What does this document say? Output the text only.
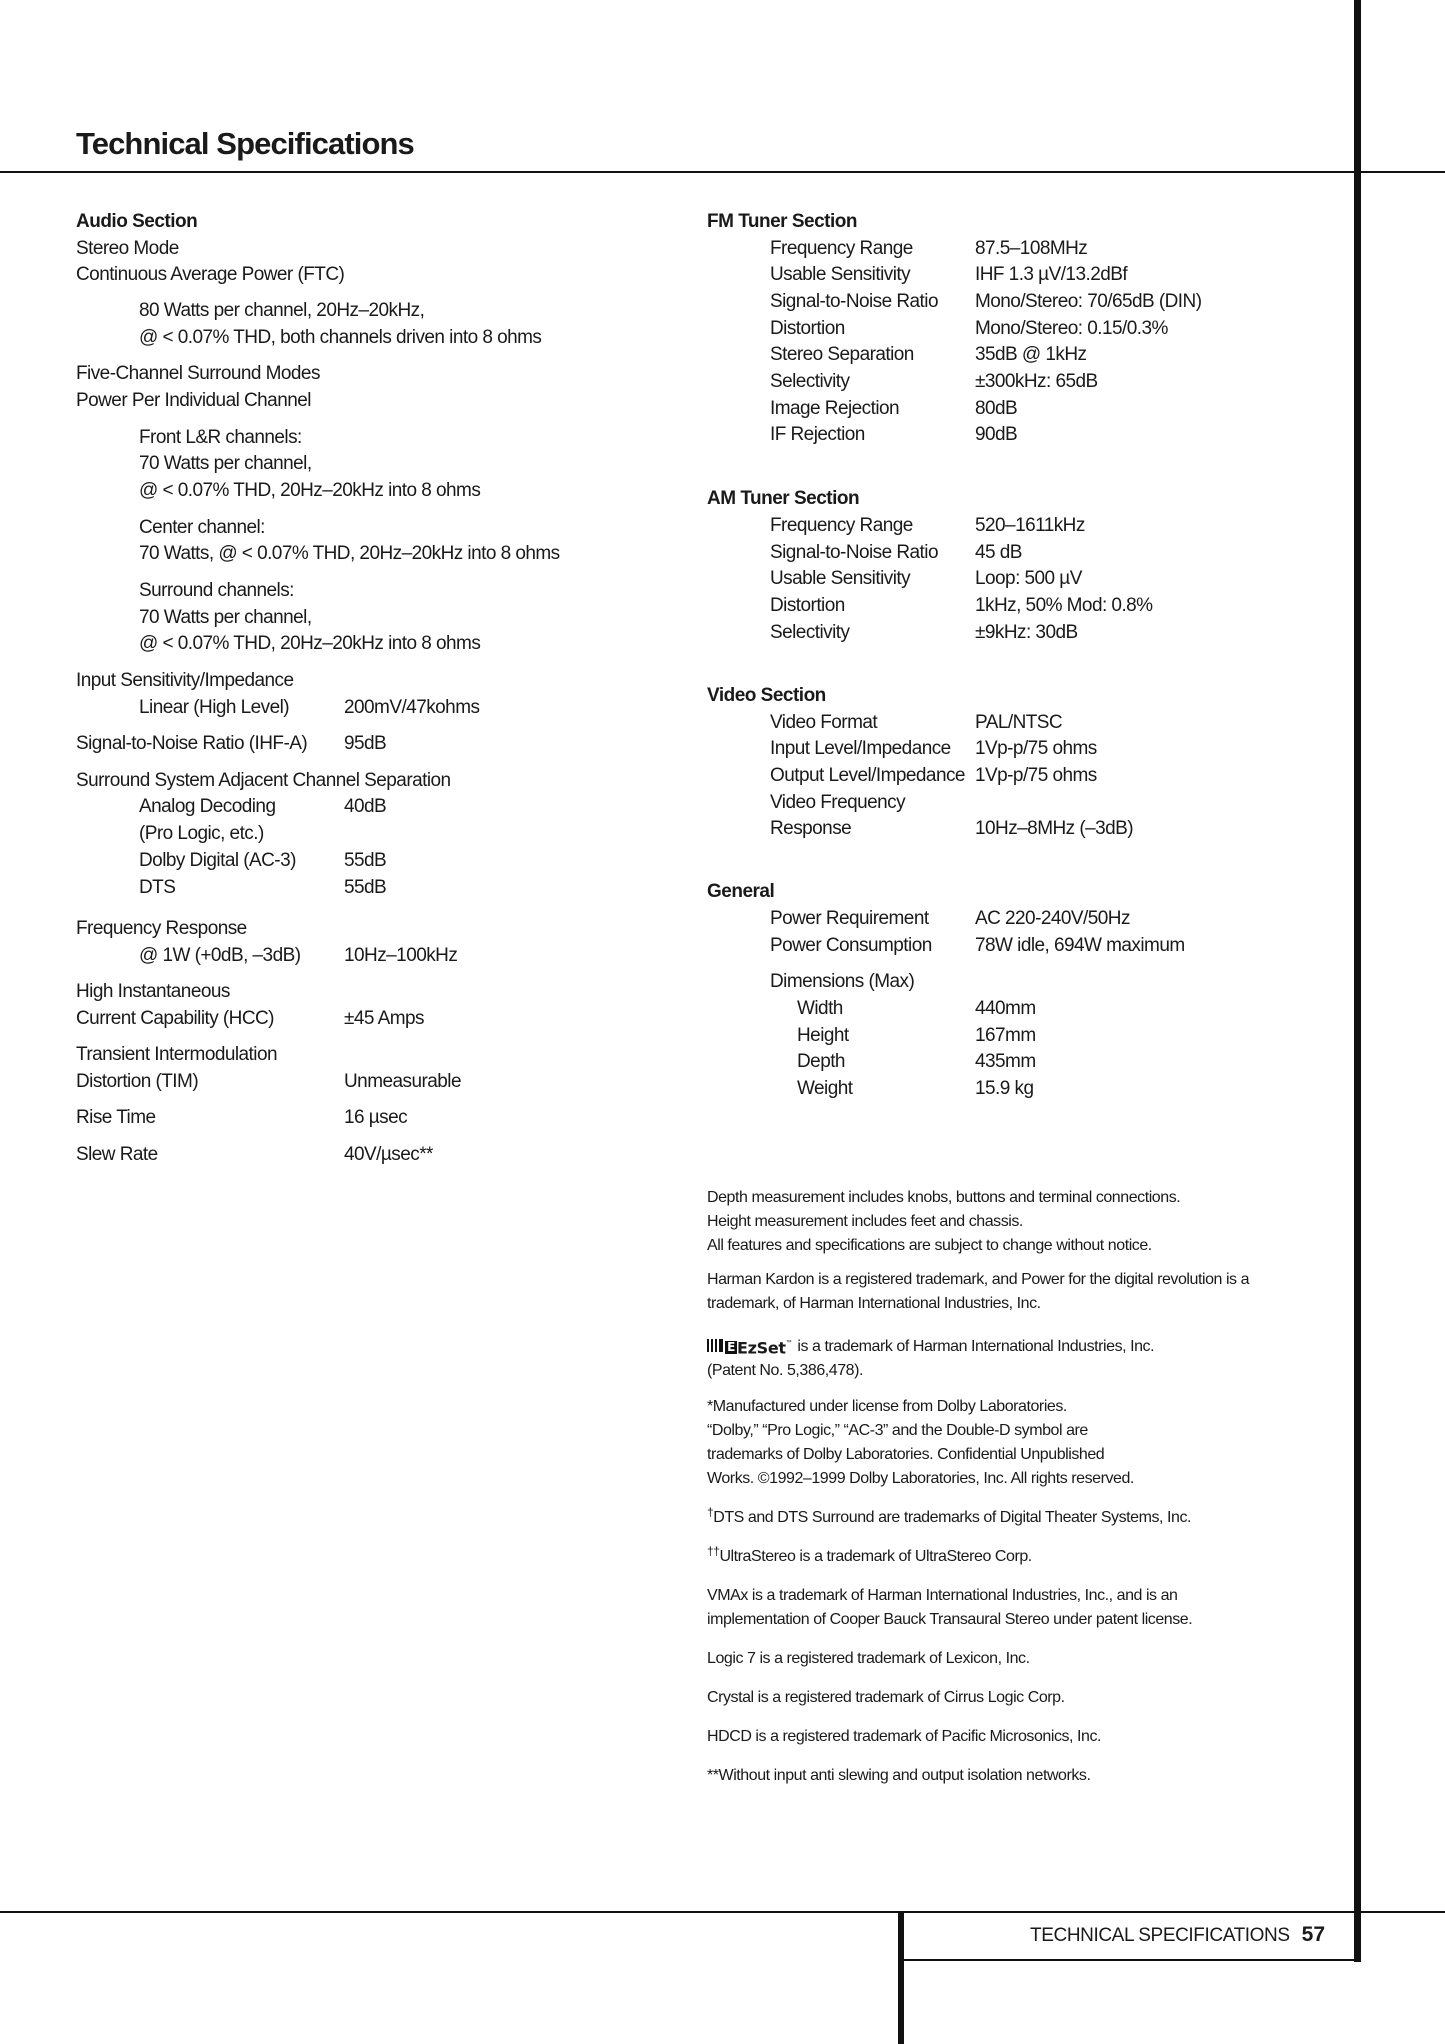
Technical Specifications
Audio Section
Stereo Mode
Continuous Average Power (FTC)
80 Watts per channel, 20Hz–20kHz,
@ < 0.07% THD, both channels driven into 8 ohms
Five-Channel Surround Modes
Power Per Individual Channel
Front L&R channels:
70 Watts per channel,
@ < 0.07% THD, 20Hz–20kHz into 8 ohms
Center channel:
70 Watts, @ < 0.07% THD, 20Hz–20kHz into 8 ohms
Surround channels:
70 Watts per channel,
@ < 0.07% THD, 20Hz–20kHz into 8 ohms
Input Sensitivity/Impedance
Linear (High Level)	200mV/47kohms
Signal-to-Noise Ratio (IHF-A) 95dB
Surround System Adjacent Channel Separation
Analog Decoding	40dB
(Pro Logic, etc.)
Dolby Digital (AC-3)	55dB
DTS	55dB
Frequency Response
@ 1W (+0dB, –3dB) 10Hz–100kHz
High Instantaneous
Current Capability (HCC)	±45 Amps
Transient Intermodulation
Distortion (TIM)	Unmeasurable
Rise Time	16 µsec
Slew Rate	40V/µsec**
FM Tuner Section
Frequency Range	87.5–108MHz
Usable Sensitivity	IHF 1.3 µV/13.2dBf
Signal-to-Noise Ratio Mono/Stereo: 70/65dB (DIN)
Distortion	Mono/Stereo: 0.15/0.3%
Stereo Separation	35dB @ 1kHz
Selectivity	±300kHz: 65dB
Image Rejection	80dB
IF Rejection	90dB
AM Tuner Section
Frequency Range	520–1611kHz
Signal-to-Noise Ratio 45 dB
Usable Sensitivity	Loop: 500 µV
Distortion	1kHz, 50% Mod: 0.8%
Selectivity	±9kHz: 30dB
Video Section
Video Format	PAL/NTSC
Input Level/Impedance 1Vp-p/75 ohms
Output Level/Impedance 1Vp-p/75 ohms
Video Frequency
Response	10Hz–8MHz (–3dB)
General
Power Requirement AC 220-240V/50Hz
Power Consumption 78W idle, 694W maximum
Dimensions (Max)
Width	440mm
Height	167mm
Depth	435mm
Weight	15.9 kg
Depth measurement includes knobs, buttons and terminal connections.
Height measurement includes feet and chassis.
All features and specifications are subject to change without notice.
Harman Kardon is a registered trademark, and Power for the digital revolution is a
trademark, of Harman International Industries, Inc.
E EzSet™ is a trademark of Harman International Industries, Inc.
(Patent No. 5,386,478).
*Manufactured under license from Dolby Laboratories.
“Dolby,” “Pro Logic,” “AC-3” and the Double-D symbol are
trademarks of Dolby Laboratories. Confidential Unpublished
Works. ©1992–1999 Dolby Laboratories, Inc. All rights reserved.
†DTS and DTS Surround are trademarks of Digital Theater Systems, Inc.
††UltraStereo is a trademark of UltraStereo Corp.
VMAx is a trademark of Harman International Industries, Inc., and is an
implementation of Cooper Bauck Transaural Stereo under patent license.
Logic 7 is a registered trademark of Lexicon, Inc.
Crystal is a registered trademark of Cirrus Logic Corp.
HDCD is a registered trademark of Pacific Microsonics, Inc.
**Without input anti slewing and output isolation networks.
TECHNICAL SPECIFICATIONS 57
